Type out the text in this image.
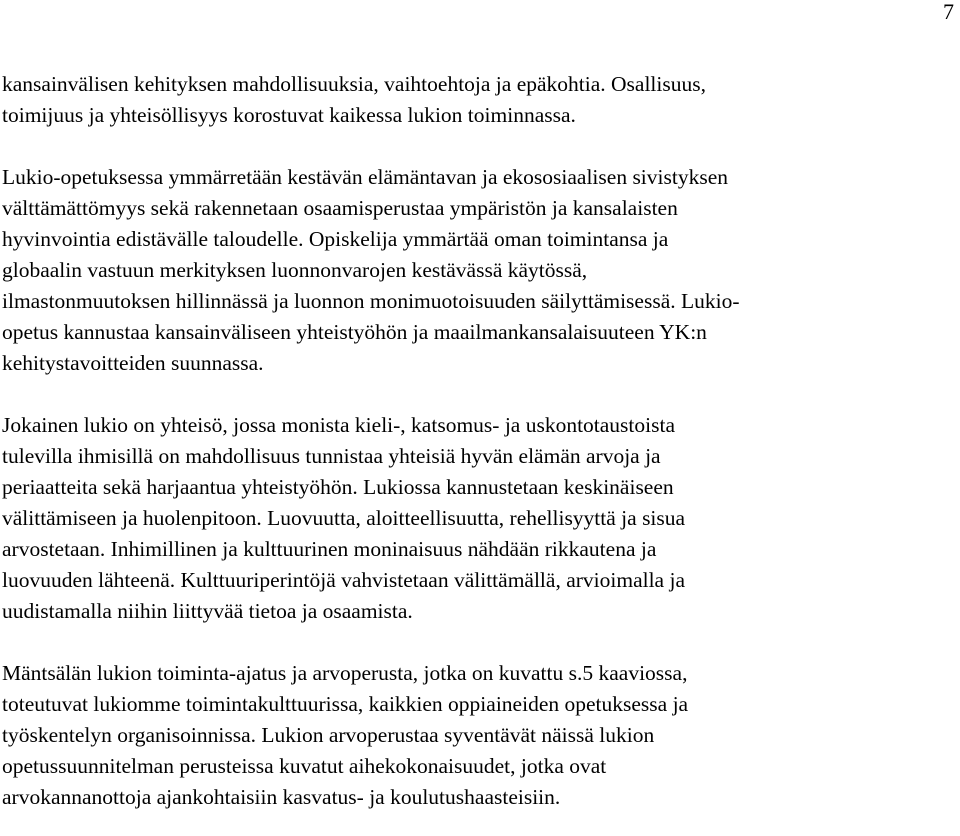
7

kansainvälisen kehityksen mahdollisuuksia, vaihtoehtoja ja epäkohtia. Osallisuus,
toimijuus ja yhteisöllisyys korostuvat kaikessa lukion toiminnassa.

Lukio-opetuksessa ymmärretään kestävän elämäntavan ja ekososiaalisen sivistyksen
välttämättömyys sekä rakennetaan osaamisperustaa ympäristön ja kansalaisten
hyvinvointia edistävälle taloudelle. Opiskelija ymmärtää oman toimintansa ja
globaalin vastuun merkityksen luonnonvarojen kestävässä käytössä,
ilmastonmuutoksen hillinnässä ja luonnon monimuotoisuuden säilyttämisessä. Lukio-
opetus kannustaa kansainväliseen yhteistyöhön ja maailmankansalaisuuteen YK:n
kehitystavoitteiden suunnassa.

Jokainen lukio on yhteisö, jossa monista kieli-, katsomus- ja uskontotaustoista
tulevilla ihmisillä on mahdollisuus tunnistaa yhteisiä hyvän elämän arvoja ja
periaatteita sekä harjaantua yhteistyöhön. Lukiossa kannustetaan keskinäiseen
välittämiseen ja huolenpitoon. Luovuutta, aloitteellisuutta, rehellisyyttä ja sisua
arvostetaan. Inhimillinen ja kulttuurinen moninaisuus nähdään rikkautena ja
luovuuden lähteenä. Kulttuuriperintöjä vahvistetaan välittämällä, arvioimalla ja
uudistamalla niihin liittyvää tietoa ja osaamista.

Mäntsälän lukion toiminta-ajatus ja arvoperusta, jotka on kuvattu s.5 kaaviossa,
toteutuvat lukiomme toimintakulttuurissa, kaikkien oppiaineiden opetuksessa ja
työskentelyn organisoinnissa. Lukion arvoperustaa syventävät näissä lukion
opetussuunnitelman perusteissa kuvatut aihekokonaisuudet, jotka ovat
arvokannanottoja ajankohtaisiin kasvatus- ja koulutushaasteisiin.
